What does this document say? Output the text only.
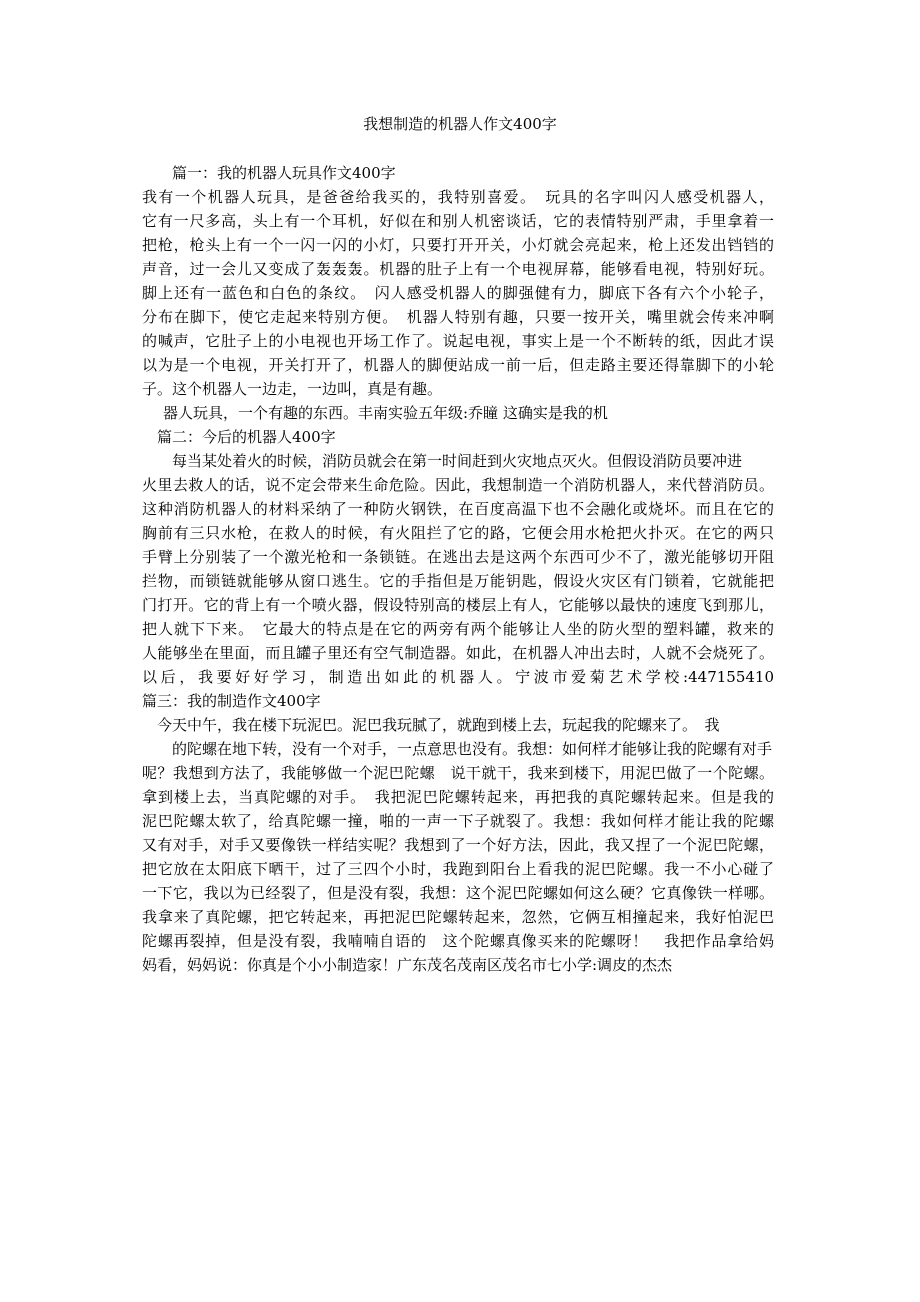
我想制造的机器人作文400字
篇一：我的机器人玩具作文400字
我有一个机器人玩具，是爸爸给我买的，我特别喜爱。　玩具的名字叫闪人感受机器人，
它有一尺多高，头上有一个耳机，好似在和别人机密谈话，它的表情特别严肃，手里拿着一
把枪，枪头上有一个一闪一闪的小灯，只要打开开关，小灯就会亮起来，枪上还发出铛铛的
声音，过一会儿又变成了轰轰轰。机器的肚子上有一个电视屏幕，能够看电视，特别好玩。
脚上还有一蓝色和白色的条纹。　闪人感受机器人的脚强健有力，脚底下各有六个小轮子，
分布在脚下，使它走起来特别方便。　机器人特别有趣，只要一按开关，嘴里就会传来冲啊
的喊声，它肚子上的小电视也开场工作了。说起电视，事实上是一个不断转的纸，因此才误
以为是一个电视，开关打开了，机器人的脚便站成一前一后，但走路主要还得靠脚下的小轮
子。这个机器人一边走，一边叫，真是有趣。
器人玩具，一个有趣的东西。丰南实验五年级:乔瞳 这确实是我的机
篇二：今后的机器人400字
每当某处着火的时候，消防员就会在第一时间赶到火灾地点灭火。但假设消防员要冲进
火里去救人的话，说不定会带来生命危险。因此，我想制造一个消防机器人，来代替消防员。
这种消防机器人的材料采纳了一种防火钢铁，在百度高温下也不会融化或烧坏。而且在它的
胸前有三只水枪，在救人的时候，有火阻拦了它的路，它便会用水枪把火扑灭。在它的两只
手臂上分别装了一个激光枪和一条锁链。在逃出去是这两个东西可少不了，激光能够切开阻
拦物，而锁链就能够从窗口逃生。它的手指但是万能钥匙，假设火灾区有门锁着，它就能把
门打开。它的背上有一个喷火器，假设特别高的楼层上有人，它能够以最快的速度飞到那儿，
把人就下下来。　它最大的特点是在它的两旁有两个能够让人坐的防火型的塑料罐，救来的
人能够坐在里面，而且罐子里还有空气制造器。如此，在机器人冲出去时，人就不会烧死了。
以后，我要好好学习，制造出如此的机器人。宁波市爱菊艺术学校:447155410
篇三：我的制造作文400字
今天中午，我在楼下玩泥巴。泥巴我玩腻了，就跑到楼上去，玩起我的陀螺来了。　我
的陀螺在地下转，没有一个对手，一点意思也没有。我想：如何样才能够让我的陀螺有对手
呢？我想到方法了，我能够做一个泥巴陀螺　说干就干，我来到楼下，用泥巴做了一个陀螺。
拿到楼上去，当真陀螺的对手。　我把泥巴陀螺转起来，再把我的真陀螺转起来。但是我的
泥巴陀螺太软了，给真陀螺一撞，啪的一声一下子就裂了。我想：我如何样才能让我的陀螺
又有对手，对手又要像铁一样结实呢？我想到了一个好方法，因此，我又捏了一个泥巴陀螺，
把它放在太阳底下晒干，过了三四个小时，我跑到阳台上看我的泥巴陀螺。我一不小心碰了
一下它，我以为已经裂了，但是没有裂，我想：这个泥巴陀螺如何这么硬？它真像铁一样哪。
我拿来了真陀螺，把它转起来，再把泥巴陀螺转起来，忽然，它俩互相撞起来，我好怕泥巴
陀螺再裂掉，但是没有裂，我喃喃自语的　这个陀螺真像买来的陀螺呀！　我把作品拿给妈
妈看，妈妈说：你真是个小小制造家！广东茂名茂南区茂名市七小学:调皮的杰杰
